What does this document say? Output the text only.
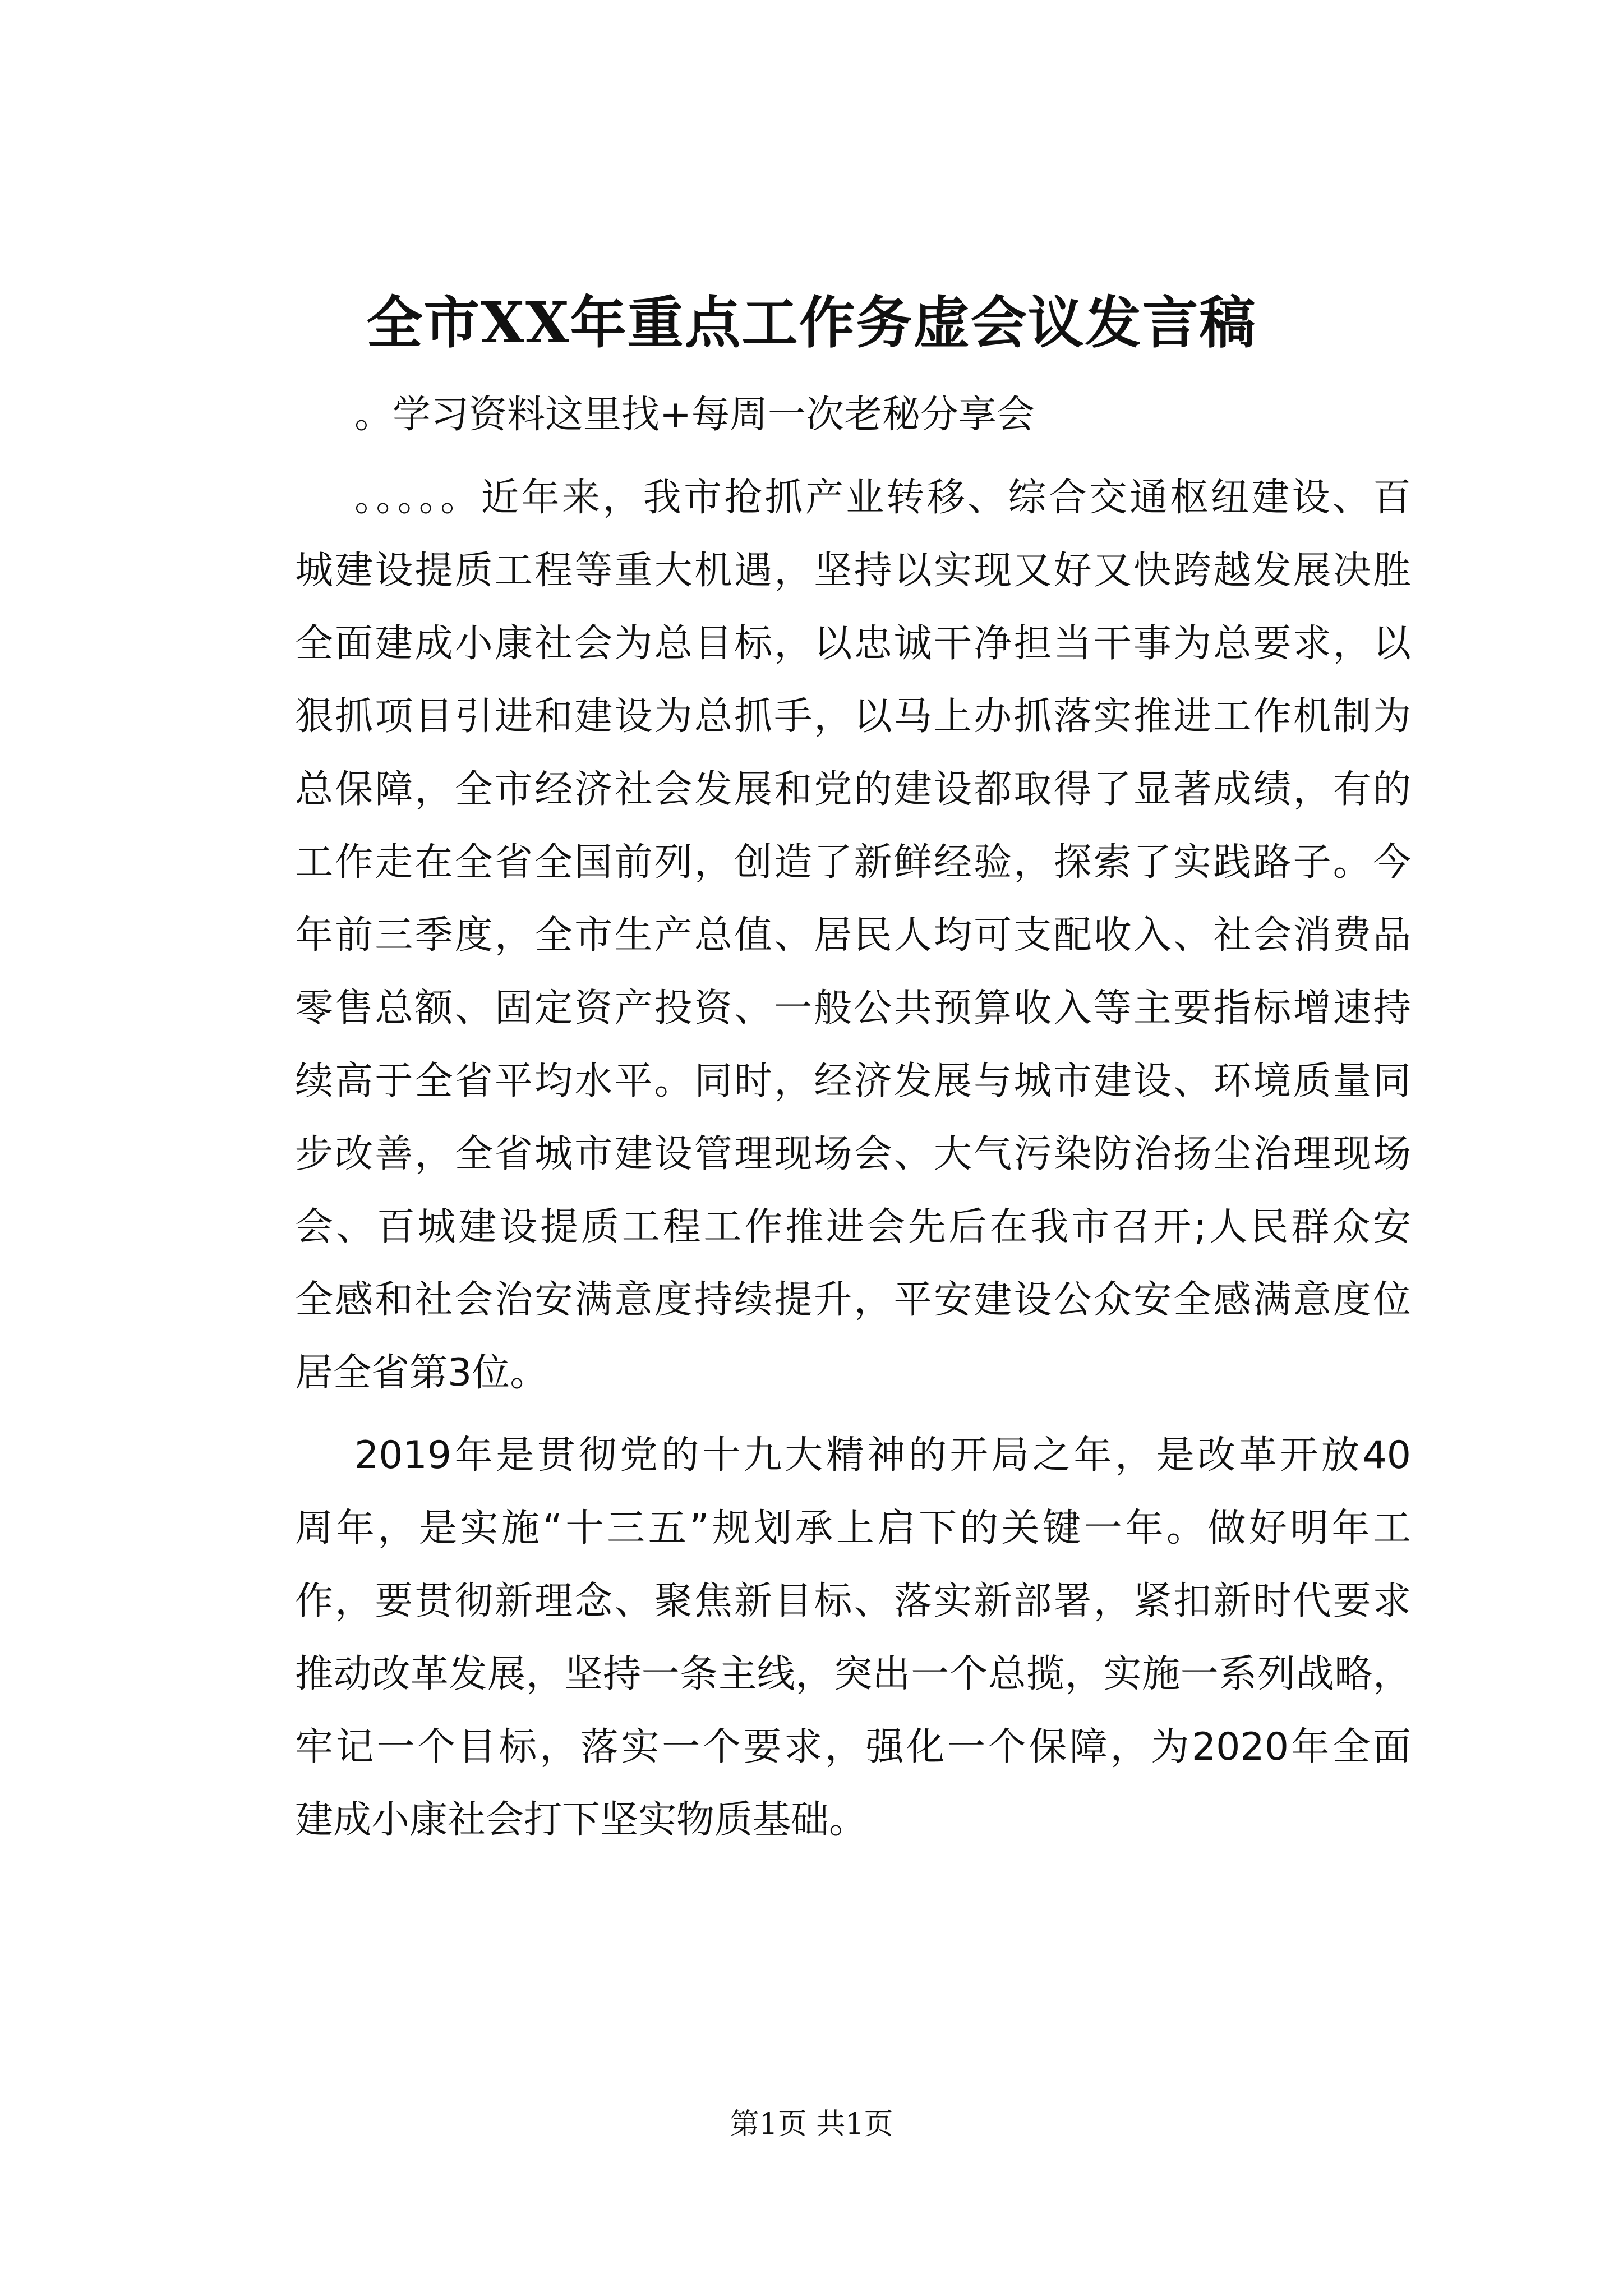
全市XX年重点工作务虚会议发言稿
。学习资料这里找+每周一次老秘分享会
。。。。。近年来，我市抢抓产业转移、综合交通枢纽建设、百
城建设提质工程等重大机遇，坚持以实现又好又快跨越发展决胜
全面建成小康社会为总目标，以忠诚干净担当干事为总要求，以
狠抓项目引进和建设为总抓手，以马上办抓落实推进工作机制为
总保障，全市经济社会发展和党的建设都取得了显著成绩，有的
工作走在全省全国前列，创造了新鲜经验，探索了实践路子。今
年前三季度，全市生产总值、居民人均可支配收入、社会消费品
零售总额、固定资产投资、一般公共预算收入等主要指标增速持
续高于全省平均水平。同时，经济发展与城市建设、环境质量同
步改善，全省城市建设管理现场会、大气污染防治扬尘治理现场
会、百城建设提质工程工作推进会先后在我市召开;人民群众安
全感和社会治安满意度持续提升，平安建设公众安全感满意度位
居全省第3位。
2019年是贯彻党的十九大精神的开局之年，是改革开放40
周年，是实施“十三五”规划承上启下的关键一年。做好明年工
作，要贯彻新理念、聚焦新目标、落实新部署，紧扣新时代要求
推动改革发展，坚持一条主线，突出一个总揽，实施一系列战略，
牢记一个目标，落实一个要求，强化一个保障，为2020年全面
建成小康社会打下坚实物质基础。
第1页 共1页
